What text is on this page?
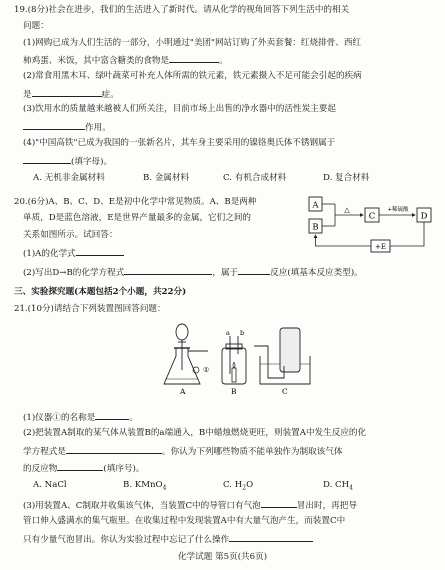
19.(8分)社会在进步，我们的生活进入了新时代。请从化学的视角回答下列生活中的相关
问题：
(1)网购已成为人们生活的一部分，小明通过"美团"网站订购了外卖套餐：红烧排骨、西红
柿鸡蛋、米饭，其中富含糖类的食物是	。
(2)常食用黑木耳、绿叶蔬菜可补充人体所需的铁元素，铁元素摄入不足可能会引起的疾病
是	症。
(3)饮用水的质量越来越被人们所关注，目前市场上出售的净水器中的活性炭主要起
作用。
(4)"中国高铁"已成为我国的一张新名片，其车身主要采用的镍铬奥氏体不锈钢属于
(填字母)。
A. 无机非金属材料	B. 金属材料	C. 有机合成材料	D. 复合材料
20.(6分)A、B、C、D、E是初中化学中常见物质。A、B是两种
单质，D是蓝色溶液，E是世界产量最多的金属，它们之间的
关系如图所示。试回答：
(1)A的化学式
(2)写出D→B的化学方程式	，属于	反应(填基本反应类型)。
A
B
△
C
+稀硫酸
D
+E
三、实验探究题(本题包括2个小题，共22分)
21.(10分)请结合下列装置图回答问题：
①
A
a b
B	C
(1)仪器①的名称是	。
(2)把装置A制取的某气体从装置B的a端通入，B中蜡烛燃烧更旺，则装置A中发生反应的化
学方程式是	。你认为下列哪些物质不能单独作为制取该气体
的反应物	(填序号)。
A. NaCl	B. KMnO$_4$	C. $H_2O$	D. $CH_4$
(3)用装置A、C制取并收集该气体，当装置C中的导管口有气泡	冒出时，再把导
管口伸入盛满水的集气瓶里。在收集过程中发现装置A中有大量气泡产生，而装置C中
只有少量气泡冒出。你认为实验过程中忘记了什么操作
化学试题 第5页(共6页)
